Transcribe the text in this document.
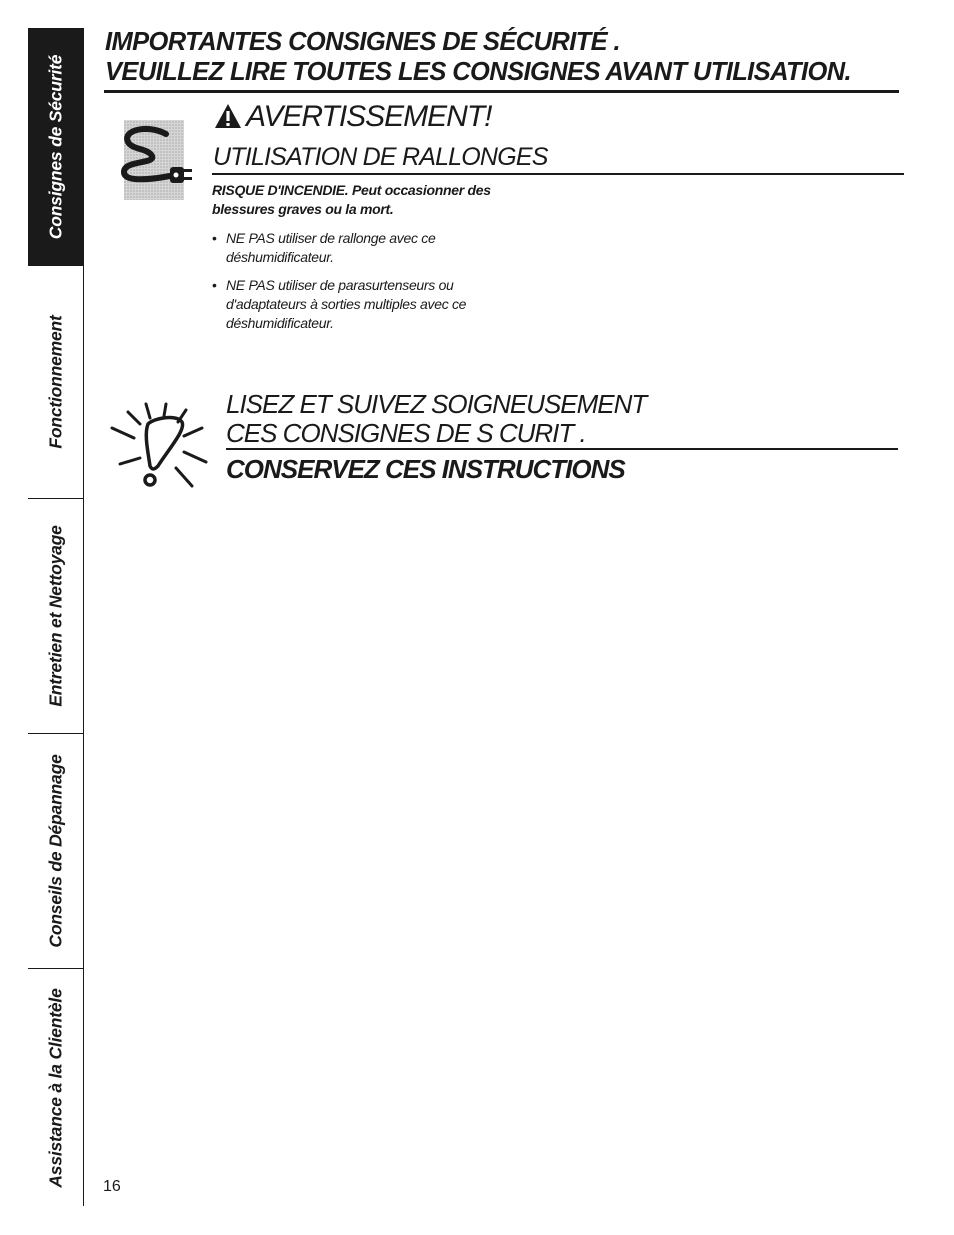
Consignes de Sécurité
Fonctionnement
Entretien et Nettoyage
Conseils de Dépannage
Assistance à la Clientèle
IMPORTANTES CONSIGNES DE SÉCURITÉ .
VEUILLEZ LIRE TOUTES LES CONSIGNES AVANT UTILISATION.
AVERTISSEMENT!
UTILISATION DE RALLONGES
RISQUE D'INCENDIE. Peut occasionner des
blessures graves ou la mort.
• NE PAS utiliser de rallonge avec ce
déshumidificateur.
• NE PAS utiliser de parasurtenseurs ou
d'adaptateurs à sorties multiples avec ce
déshumidificateur.
LISEZ ET SUIVEZ SOIGNEUSEMENT
CES CONSIGNES DE S CURIT .
CONSERVEZ CES INSTRUCTIONS
16
